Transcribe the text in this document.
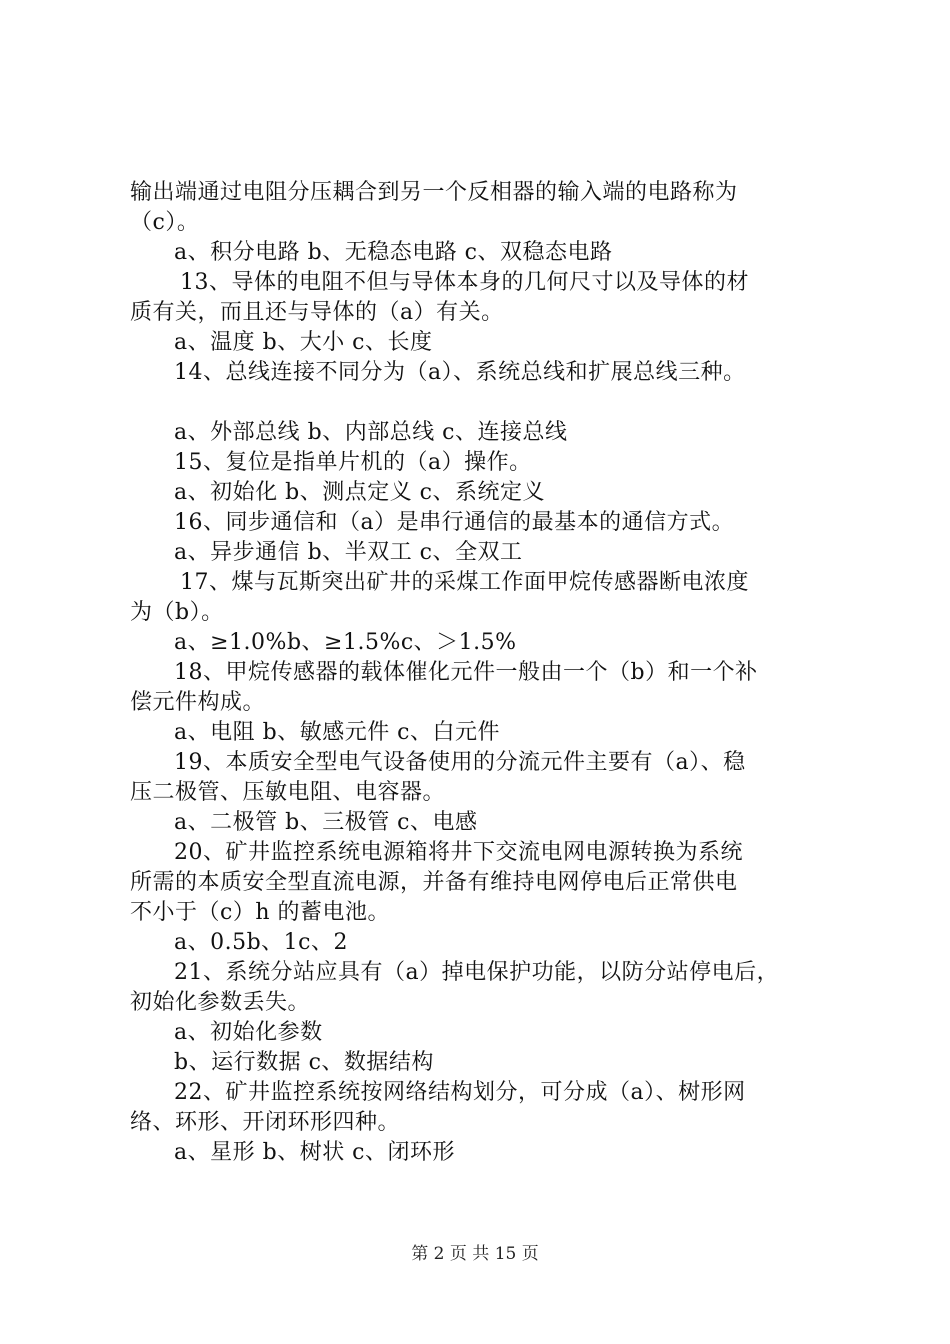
输出端通过电阻分压耦合到另一个反相器的输入端的电路称为
（c）。
a、积分电路 b、无稳态电路 c、双稳态电路
13、导体的电阻不但与导体本身的几何尺寸以及导体的材
质有关，而且还与导体的（a）有关。
a、温度 b、大小 c、长度
14、总线连接不同分为（a）、系统总线和扩展总线三种。
a、外部总线 b、内部总线 c、连接总线
15、复位是指单片机的（a）操作。
a、初始化 b、测点定义 c、系统定义
16、同步通信和（a）是串行通信的最基本的通信方式。
a、异步通信 b、半双工 c、全双工
17、煤与瓦斯突出矿井的采煤工作面甲烷传感器断电浓度
为（b）。
a、≥1.0%b、≥1.5%c、＞1.5%
18、甲烷传感器的载体催化元件一般由一个（b）和一个补
偿元件构成。
a、电阻 b、敏感元件 c、白元件
19、本质安全型电气设备使用的分流元件主要有（a）、稳
压二极管、压敏电阻、电容器。
a、二极管 b、三极管 c、电感
20、矿井监控系统电源箱将井下交流电网电源转换为系统
所需的本质安全型直流电源，并备有维持电网停电后正常供电
不小于（c）h 的蓄电池。
a、0.5b、1c、2
21、系统分站应具有（a）掉电保护功能，以防分站停电后，
初始化参数丢失。
a、初始化参数
b、运行数据 c、数据结构
22、矿井监控系统按网络结构划分，可分成（a）、树形网
络、环形、开闭环形四种。
a、星形 b、树状 c、闭环形
第 2 页 共 15 页
